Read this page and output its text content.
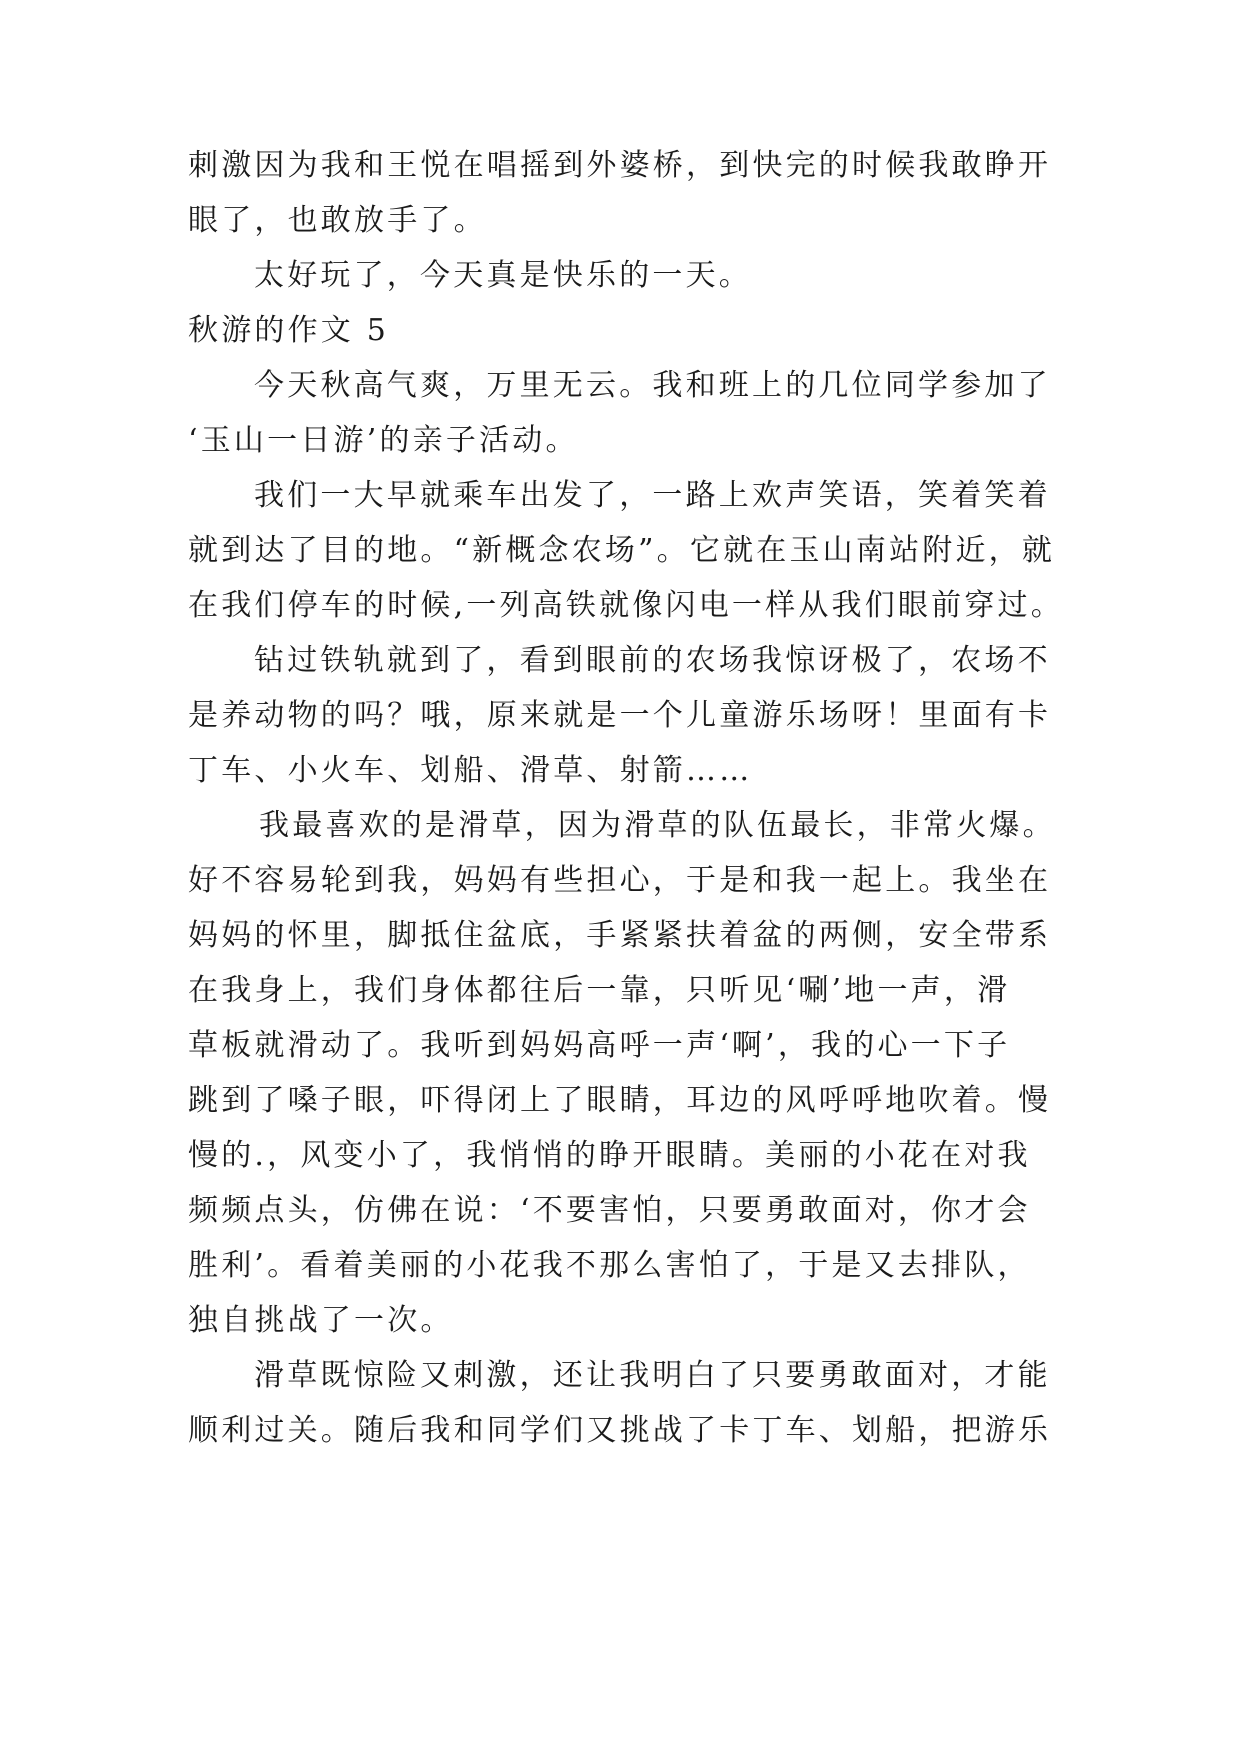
刺激因为我和王悦在唱摇到外婆桥，到快完的时候我敢睁开
眼了，也敢放手了。
太好玩了，今天真是快乐的一天。
秋游的作文 5
今天秋高气爽，万里无云。我和班上的几位同学参加了
‘玉山一日游’的亲子活动。
我们一大早就乘车出发了，一路上欢声笑语，笑着笑着
就到达了目的地。“新概念农场”。它就在玉山南站附近，就
在我们停车的时候,一列高铁就像闪电一样从我们眼前穿过。
钻过铁轨就到了，看到眼前的农场我惊讶极了，农场不
是养动物的吗？哦，原来就是一个儿童游乐场呀！里面有卡
丁车、小火车、划船、滑草、射箭……
我最喜欢的是滑草，因为滑草的队伍最长，非常火爆。
好不容易轮到我，妈妈有些担心，于是和我一起上。我坐在
妈妈的怀里，脚抵住盆底，手紧紧扶着盆的两侧，安全带系
在我身上，我们身体都往后一靠，只听见‘唰’地一声，滑
草板就滑动了。我听到妈妈高呼一声‘啊’，我的心一下子
跳到了嗓子眼，吓得闭上了眼睛，耳边的风呼呼地吹着。慢
慢的.，风变小了，我悄悄的睁开眼睛。美丽的小花在对我
频频点头，仿佛在说：‘不要害怕，只要勇敢面对，你才会
胜利’。看着美丽的小花我不那么害怕了，于是又去排队，
独自挑战了一次。
滑草既惊险又刺激，还让我明白了只要勇敢面对，才能
顺利过关。随后我和同学们又挑战了卡丁车、划船，把游乐
